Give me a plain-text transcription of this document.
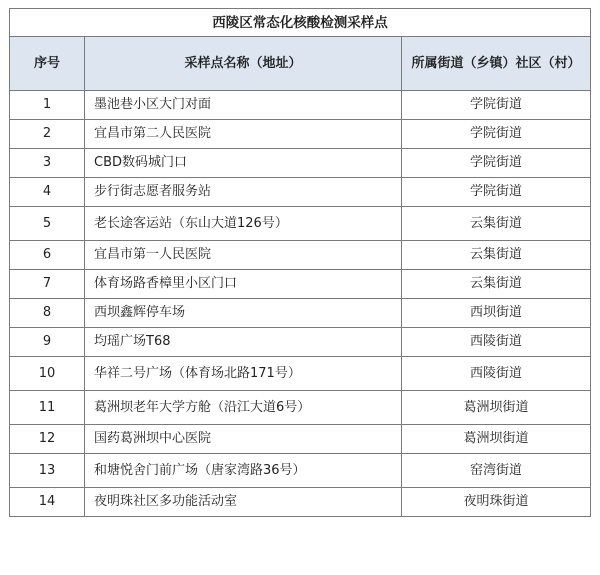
西陵区常态化核酸检测采样点		
序号	采样点名称（地址）	所属街道（乡镇）社区（村）
1	墨池巷小区大门对面	学院街道
2	宜昌市第二人民医院	学院街道
3	CBD数码城门口	学院街道
4	步行街志愿者服务站	学院街道
5	老长途客运站（东山大道126号）	云集街道
6	宜昌市第一人民医院	云集街道
7	体育场路香樟里小区门口	云集街道
8	西坝鑫辉停车场	西坝街道
9	均瑶广场T68	西陵街道
10	华祥二号广场（体育场北路171号）	西陵街道
11	葛洲坝老年大学方舱（沿江大道6号）	葛洲坝街道
12	国药葛洲坝中心医院	葛洲坝街道
13	和塘悦舍门前广场（唐家湾路36号）	窑湾街道
14	夜明珠社区多功能活动室	夜明珠街道
